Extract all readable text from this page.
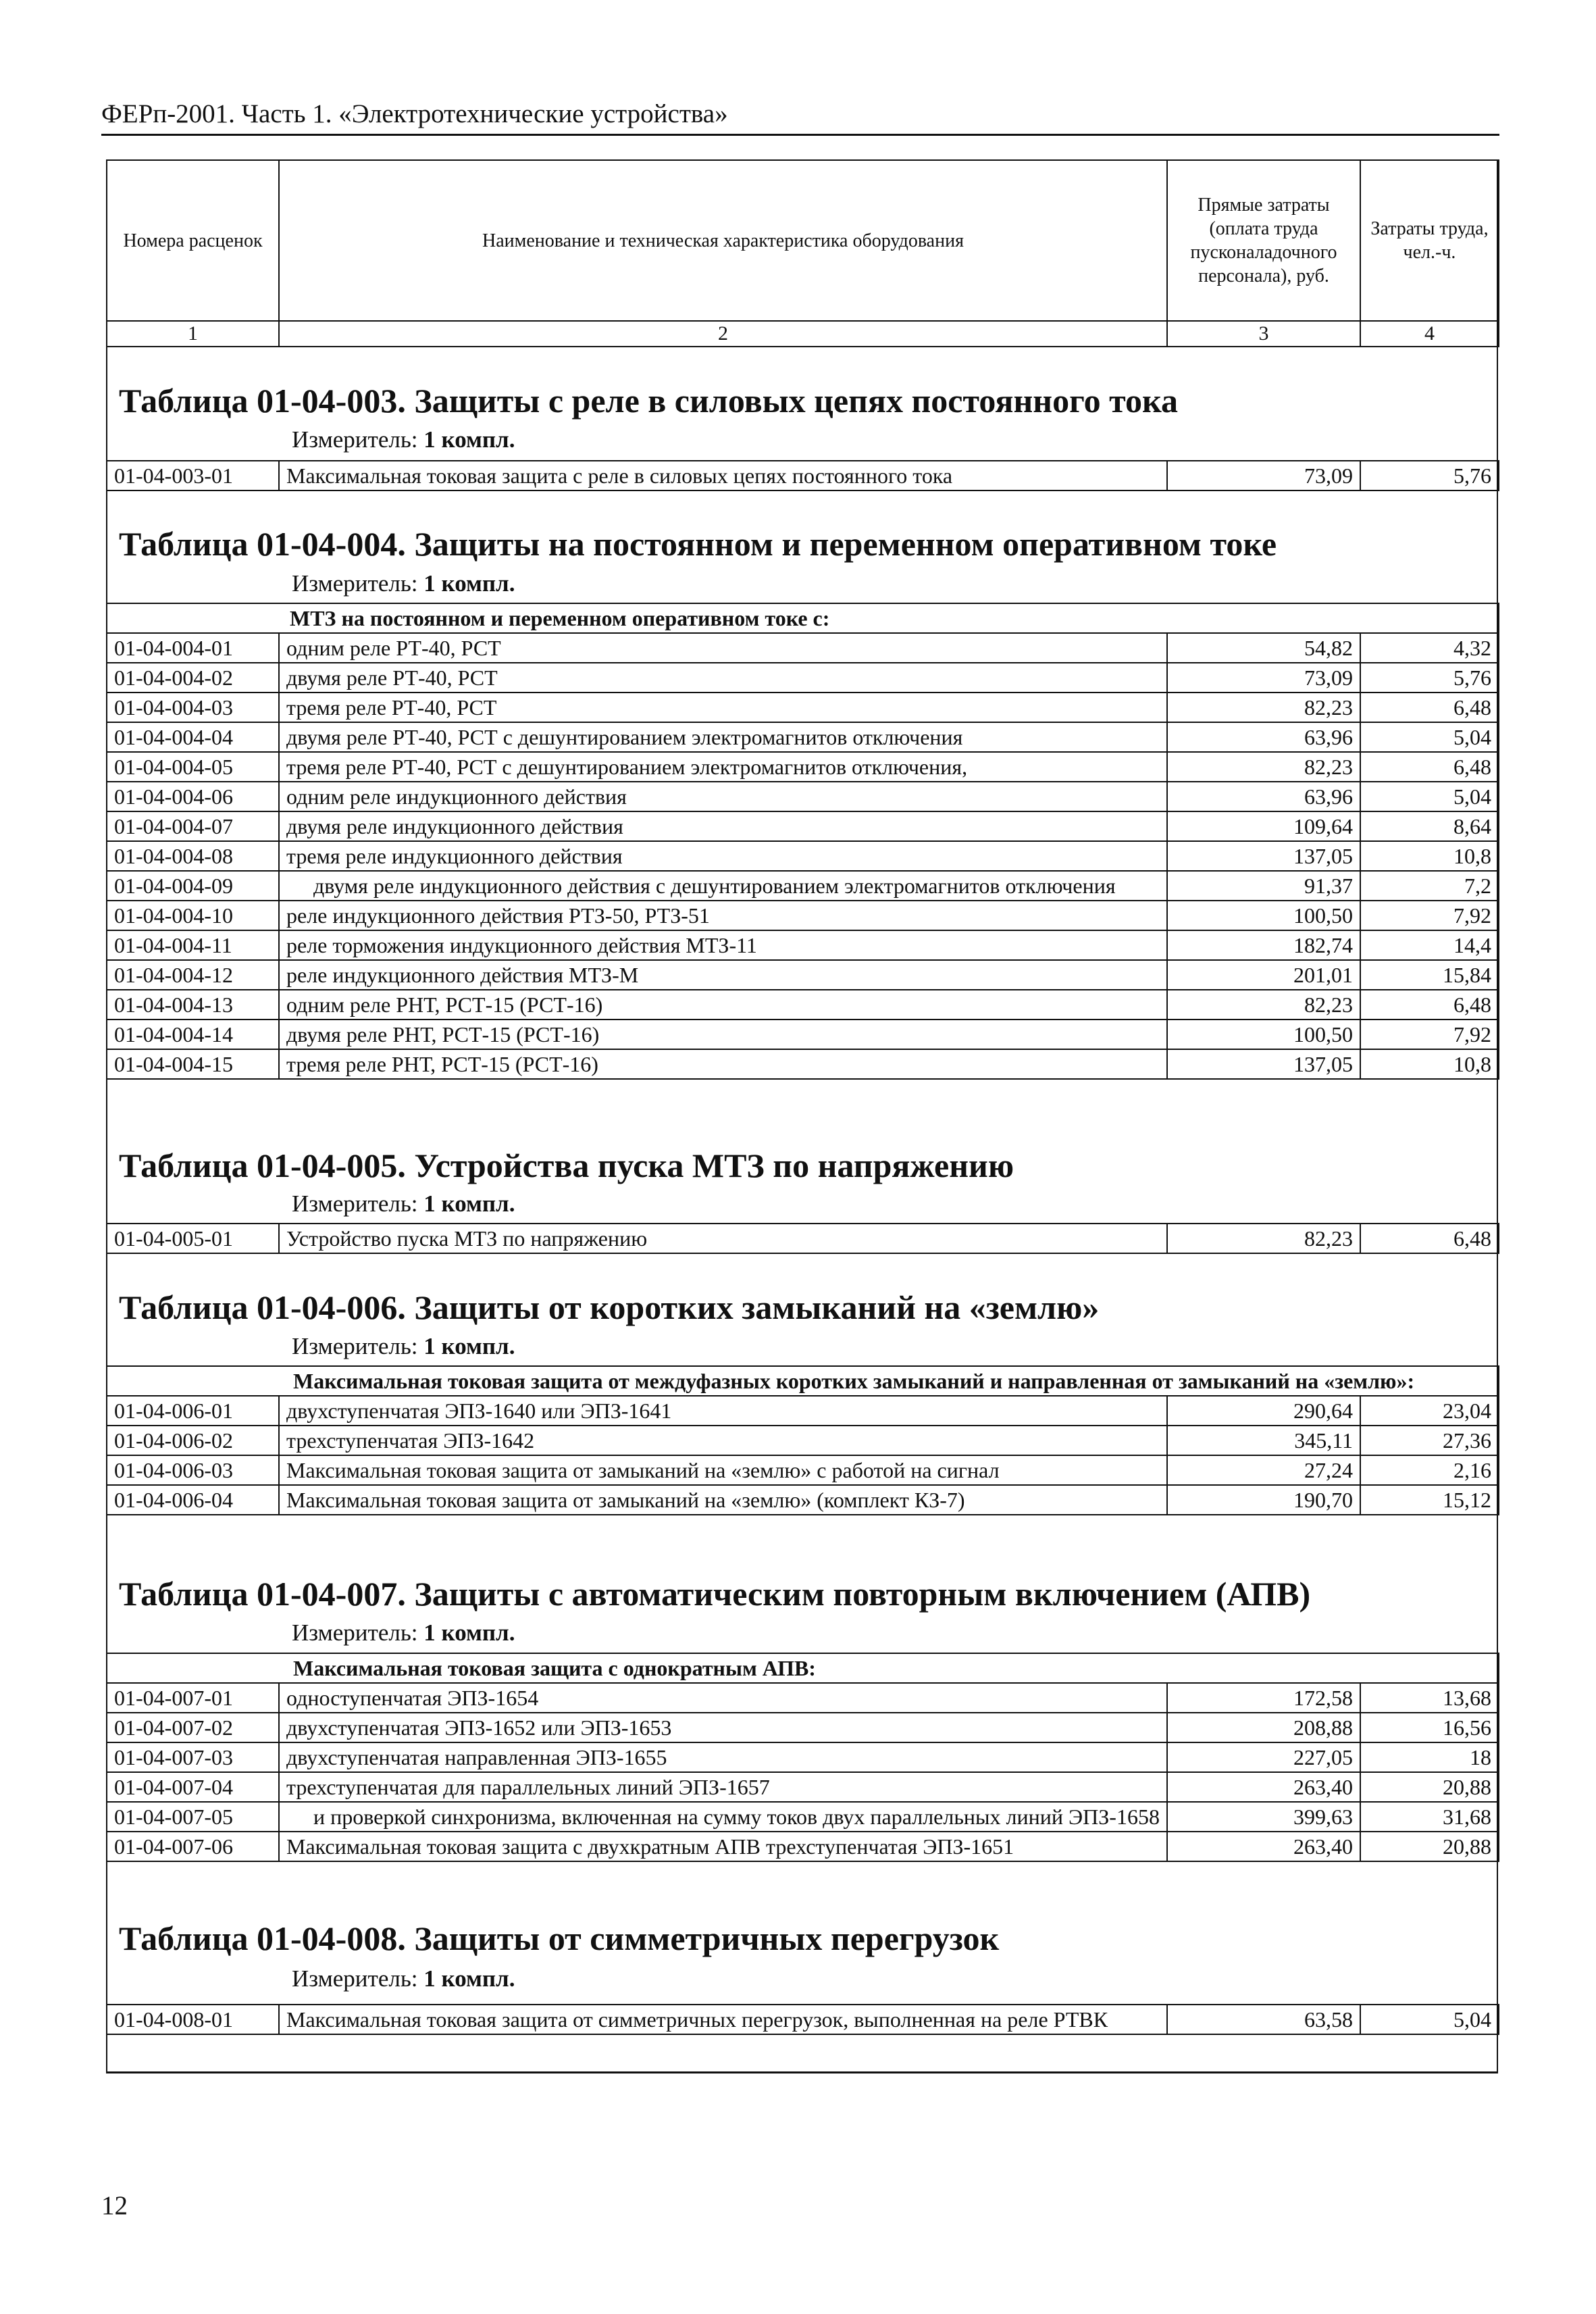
ФЕРп-2001. Часть 1. «Электротехнические устройства»
Номера расценок	Наименование и техническая характеристика оборудования	Прямые затраты (оплата труда пусконаладочного персонала), руб.	Затраты труда, чел.-ч.
1	2	3	4
Таблица 01-04-003. Защиты с реле в силовых цепях постоянного тока
Измеритель: 1 компл.
01-04-003-01	Максимальная токовая защита с реле в силовых цепях постоянного тока	73,09	5,76
Таблица 01-04-004. Защиты на постоянном и переменном оперативном токе
Измеритель: 1 компл.
МТЗ на постоянном и переменном оперативном токе с:			
01-04-004-01	одним реле РТ-40, РСТ	54,82	4,32
01-04-004-02	двумя реле РТ-40, РСТ	73,09	5,76
01-04-004-03	тремя реле РТ-40, РСТ	82,23	6,48
01-04-004-04	двумя реле РТ-40, РСТ с дешунтированием электромагнитов отключения	63,96	5,04
01-04-004-05	тремя реле РТ-40, РСТ с дешунтированием электромагнитов отключения,	82,23	6,48
01-04-004-06	одним реле индукционного действия	63,96	5,04
01-04-004-07	двумя реле индукционного действия	109,64	8,64
01-04-004-08	тремя реле индукционного действия	137,05	10,8
01-04-004-09	двумя реле индукционного действия с дешунтированием электромагнитов отключения	91,37	7,2
01-04-004-10	реле индукционного действия РТЗ-50, РТЗ-51	100,50	7,92
01-04-004-11	реле торможения индукционного действия МТЗ-11	182,74	14,4
01-04-004-12	реле индукционного действия МТЗ-М	201,01	15,84
01-04-004-13	одним реле РНТ, РСТ-15 (РСТ-16)	82,23	6,48
01-04-004-14	двумя реле РНТ, РСТ-15 (РСТ-16)	100,50	7,92
01-04-004-15	тремя реле РНТ, РСТ-15 (РСТ-16)	137,05	10,8
Таблица 01-04-005. Устройства пуска МТЗ по напряжению
Измеритель: 1 компл.
01-04-005-01	Устройство пуска МТЗ по напряжению	82,23	6,48
Таблица 01-04-006. Защиты от коротких замыканий на «землю»
Измеритель: 1 компл.
Максимальная токовая защита от междуфазных коротких замыканий и направленная от замыканий на «землю»:			
01-04-006-01	двухступенчатая ЭПЗ-1640 или ЭПЗ-1641	290,64	23,04
01-04-006-02	трехступенчатая ЭПЗ-1642	345,11	27,36
01-04-006-03	Максимальная токовая защита от замыканий на «землю» с работой на сигнал	27,24	2,16
01-04-006-04	Максимальная токовая защита от замыканий на «землю» (комплект КЗ-7)	190,70	15,12
Таблица 01-04-007. Защиты с автоматическим повторным включением (АПВ)
Измеритель: 1 компл.
Максимальная токовая защита с однократным АПВ:			
01-04-007-01	одноступенчатая ЭПЗ-1654	172,58	13,68
01-04-007-02	двухступенчатая ЭПЗ-1652 или ЭПЗ-1653	208,88	16,56
01-04-007-03	двухступенчатая направленная ЭПЗ-1655	227,05	18
01-04-007-04	трехступенчатая для параллельных линий ЭПЗ-1657	263,40	20,88
01-04-007-05	и проверкой синхронизма, включенная на сумму токов двух параллельных линий ЭПЗ-1658	399,63	31,68
01-04-007-06	Максимальная токовая защита с двухкратным АПВ трехступенчатая ЭПЗ-1651	263,40	20,88
Таблица 01-04-008. Защиты от симметричных перегрузок
Измеритель: 1 компл.
01-04-008-01	Максимальная токовая защита от симметричных перегрузок, выполненная на реле РТВК	63,58	5,04
12
